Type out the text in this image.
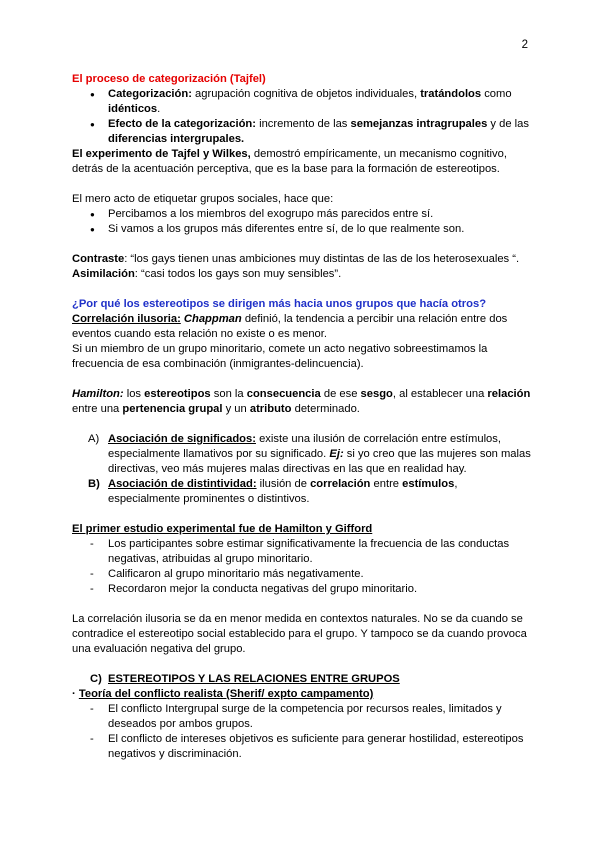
2

El proceso de categorización (Tajfel)

● Categorización: agrupación cognitiva de objetos individuales, tratándolos como idénticos.
● Efecto de la categorización: incremento de las semejanzas intragrupales y de las diferencias intergrupales.

El experimento de Tajfel y Wilkes, demostró empíricamente, un mecanismo cognitivo, detrás de la acentuación perceptiva, que es la base para la formación de estereotipos.

El mero acto de etiquetar grupos sociales, hace que:

● Percibamos a los miembros del exogrupo más parecidos entre sí.
● Si vamos a los grupos más diferentes entre sí, de lo que realmente son.

Contraste: “los gays tienen unas ambiciones muy distintas de las de los heterosexuales “.

Asimilación: “casi todos los gays son muy sensibles”.

¿Por qué los estereotipos se dirigen más hacia unos grupos que hacía otros?

Correlación ilusoria: Chappman definió, la tendencia a percibir una relación entre dos eventos cuando esta relación no existe o es menor.

Si un miembro de un grupo minoritario, comete un acto negativo sobreestimamos la frecuencia de esa combinación (inmigrantes-delincuencia).

Hamilton: los estereotipos son la consecuencia de ese sesgo, al establecer una relación entre una pertenencia grupal y un atributo determinado.

A) Asociación de significados: existe una ilusión de correlación entre estímulos, especialmente llamativos por su significado. Ej: si yo creo que las mujeres son malas directivas, veo más mujeres malas directivas en las que en realidad hay.
B) Asociación de distintividad: ilusión de correlación entre estímulos, especialmente prominentes o distintivos.

El primer estudio experimental fue de Hamilton y Gifford

- Los participantes sobre estimar significativamente la frecuencia de las conductas negativas, atribuidas al grupo minoritario.
- Calificaron al grupo minoritario más negativamente.
- Recordaron mejor la conducta negativas del grupo minoritario.

La correlación ilusoria se da en menor medida en contextos naturales. No se da cuando se contradice el estereotipo social establecido para el grupo. Y tampoco se da cuando provoca una evaluación negativa del grupo.

C) ESTEREOTIPOS Y LAS RELACIONES ENTRE GRUPOS

· Teoría del conflicto realista (Sherif/ expto campamento)

- El conflicto Intergrupal surge de la competencia por recursos reales, limitados y deseados por ambos grupos.
- El conflicto de intereses objetivos es suficiente para generar hostilidad, estereotipos negativos y discriminación.
